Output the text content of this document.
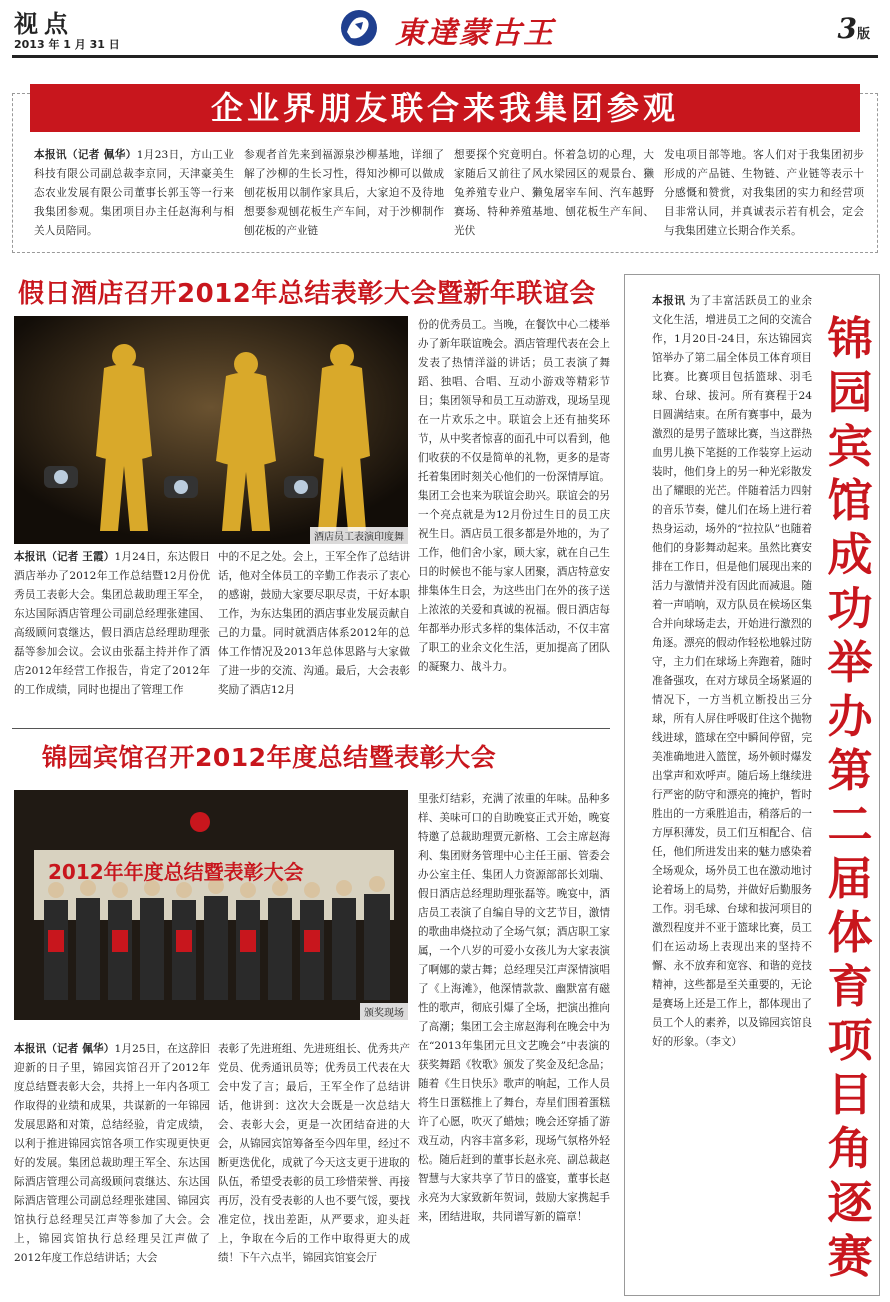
视点
2013 年 1 月 31 日	東達蒙古王	3版
企业界朋友联合来我集团参观
本报讯（记者 佩华）1月23日，方山工业科技有限公司副总裁李京同，天津豪美生态农业发展有限公司董事长郭玉等一行来我集团参观。集团项目办主任赵海利与相关人员陪同。
参观者首先来到福源泉沙柳基地，详细了解了沙柳的生长习性，得知沙柳可以做成刨花板用以制作家具后，大家迫不及待地想要参观刨花板生产车间，对于沙柳制作刨花板的产业链
想要探个究竟明白。怀着急切的心理，大家随后又前往了风水梁园区的观景台、獭兔养殖专业户、獭兔屠宰车间、汽车越野赛场、特种养殖基地、刨花板生产车间、光伏
发电项目部等地。客人们对于我集团初步形成的产品链、生物链、产业链等表示十分感慨和赞赏，对我集团的实力和经营项目非常认同，并真诚表示若有机会，定会与我集团建立长期合作关系。
假日酒店召开2012年总结表彰大会暨新年联谊会
酒店员工表演印度舞
份的优秀员工。当晚，在餐饮中心二楼举办了新年联谊晚会。酒店管理代表在会上发表了热情洋溢的讲话；员工表演了舞蹈、独唱、合唱、互动小游戏等精彩节目；集团领导和员工互动游戏，现场呈现在一片欢乐之中。联谊会上还有抽奖环节，从中奖者惊喜的面孔中可以看到，他们收获的不仅是简单的礼物，更多的是寄托着集团时刻关心他们的一份深情厚谊。集团工会也来为联谊会助兴。联谊会的另一个亮点就是为12月份过生日的员工庆祝生日。酒店员工很多都是外地的，为了工作，他们舍小家，顾大家，就在自己生日的时候也不能与家人团聚，酒店特意安排集体生日会，为这些出门在外的孩子送上浓浓的关爱和真诚的祝福。假日酒店每年都举办形式多样的集体活动，不仅丰富了职工的业余文化生活，更加提高了团队的凝聚力、战斗力。
本报讯（记者 王霞）1月24日，东达假日酒店举办了2012年工作总结暨12月份优秀员工表彰大会。集团总裁助理王军全，东达国际酒店管理公司副总经理张建国、高级顾问袁继达，假日酒店总经理助理张磊等参加会议。会议由张磊主持并作了酒店2012年经营工作报告，肯定了2012年的工作成绩，同时也提出了管理工作
中的不足之处。会上，王军全作了总结讲话，他对全体员工的辛勤工作表示了衷心的感谢，鼓励大家要尽职尽责，干好本职工作，为东达集团的酒店事业发展贡献自己的力量。同时就酒店体系2012年的总体工作情况及2013年总体思路与大家做了进一步的交流、沟通。最后，大会表彰奖励了酒店12月
锦园宾馆召开2012年度总结暨表彰大会
2012年年度总结暨表彰大会
颁奖现场
里张灯结彩，充满了浓重的年味。品种多样、美味可口的自助晚宴正式开始，晚宴特邀了总裁助理贾元新格、工会主席赵海利、集团财务管理中心主任王丽、管委会办公室主任、集团人力资源部部长刘瑞、假日酒店总经理助理张磊等。晚宴中，酒店员工表演了自编自导的文艺节目，激情的歌曲串烧拉动了全场气氛；酒店职工家属，一个八岁的可爱小女孩儿为大家表演了啊娜的蒙古舞；总经理吴江声深情演唱了《上海滩》，他深情款款、幽默富有磁性的歌声，彻底引爆了全场，把演出推向了高潮；集团工会主席赵海利在晚会中为在“2013年集团元旦文艺晚会”中表演的获奖舞蹈《牧歌》颁发了奖金及纪念品；随着《生日快乐》歌声的响起，工作人员将生日蛋糕推上了舞台，寿星们围着蛋糕许了心愿，吹灭了蜡烛；晚会还穿插了游戏互动，内容丰富多彩，现场气氛格外轻松。随后赶到的董事长赵永亮、副总裁赵智慧与大家共享了节日的盛宴，董事长赵永亮为大家致新年贺词，鼓励大家携起手来，团结进取，共同谱写新的篇章！
本报讯（记者 佩华）1月25日，在这辞旧迎新的日子里，锦园宾馆召开了2012年度总结暨表彰大会，共捋上一年内各项工作取得的业绩和成果，共谋新的一年锦园发展思路和对策，总结经验，肯定成绩，以利于推进锦园宾馆各项工作实现更快更好的发展。集团总裁助理王军全、东达国际酒店管理公司高级顾问袁继达、东达国际酒店管理公司副总经理张建国、锦园宾馆执行总经理吴江声等参加了大会。会上，锦园宾馆执行总经理吴江声做了2012年度工作总结讲话；大会
表彰了先进班组、先进班组长、优秀共产党员、优秀通讯员等；优秀员工代表在大会中发了言；最后，王军全作了总结讲话，他讲到：这次大会既是一次总结大会、表彰大会，更是一次团结奋进的大会，从锦园宾馆筹备至今四年里，经过不断更迭优化，成就了今天这支更于进取的队伍，希望受表彰的员工珍惜荣誉、再接再厉，没有受表彰的人也不要气馁，要找准定位，找出差距，从严要求，迎头赶上，争取在今后的工作中取得更大的成绩！下午六点半，锦园宾馆宴会厅
本报讯 为了丰富活跃员工的业余文化生活，增进员工之间的交流合作，1月20日-24日，东达锦园宾馆举办了第二届全体员工体育项目比赛。比赛项目包括篮球、羽毛球、台球、拔河。所有赛程于24日圆满结束。在所有赛事中，最为激烈的是男子篮球比赛，当这群热血男儿换下笔挺的工作装穿上运动装时，他们身上的另一种光彩散发出了耀眼的光芒。伴随着活力四射的音乐节奏，健儿们在场上进行着热身运动，场外的“拉拉队”也随着他们的身影舞动起来。虽然比赛安排在工作日，但是他们展现出来的活力与激情并没有因此而减退。随着一声哨响，双方队员在候场区集合并向球场走去，开始进行激烈的角逐。漂亮的假动作轻松地躲过防守，主力们在球场上奔跑着，随时准备强攻，在对方球员全场紧逼的情况下，一方当机立断投出三分球，所有人屏住呼吸盯住这个抛物线进球，篮球在空中瞬间停留，完美准确地进入篮筐，场外顿时爆发出掌声和欢呼声。随后场上继续进行严密的防守和漂亮的掩护，暂时胜出的一方乘胜追击，稍落后的一方厚积薄发，员工们互相配合、信任，他们所进发出来的魅力感染着全场观众，场外员工也在激动地讨论着场上的局势，并做好后勤服务工作。羽毛球、台球和拔河项目的激烈程度并不亚于篮球比赛，员工们在运动场上表现出来的坚持不懈、永不放弃和宽容、和谐的竞技精神，这些都是至关重要的，无论是赛场上还是工作上，都体现出了员工个人的素养，以及锦园宾馆良好的形象。（李文）
锦
园
宾
馆
成
功
举
办
第
二
届
体
育
项
目
角
逐
赛
